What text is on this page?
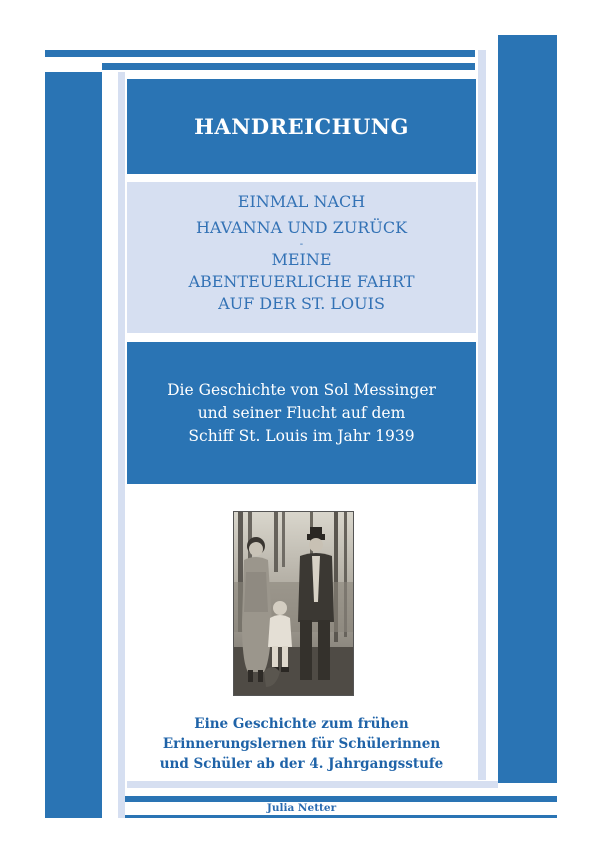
HANDREICHUNG
EINMAL NACH
HAVANNA UND ZURÜCK
-
MEINE
ABENTEUERLICHE FAHRT
AUF DER ST. LOUIS
Die Geschichte von Sol Messinger
und seiner Flucht auf dem
Schiff St. Louis im Jahr 1939
Eine Geschichte zum frühen
Erinnerungslernen für Schülerinnen
und Schüler ab der 4. Jahrgangsstufe
Julia Netter
